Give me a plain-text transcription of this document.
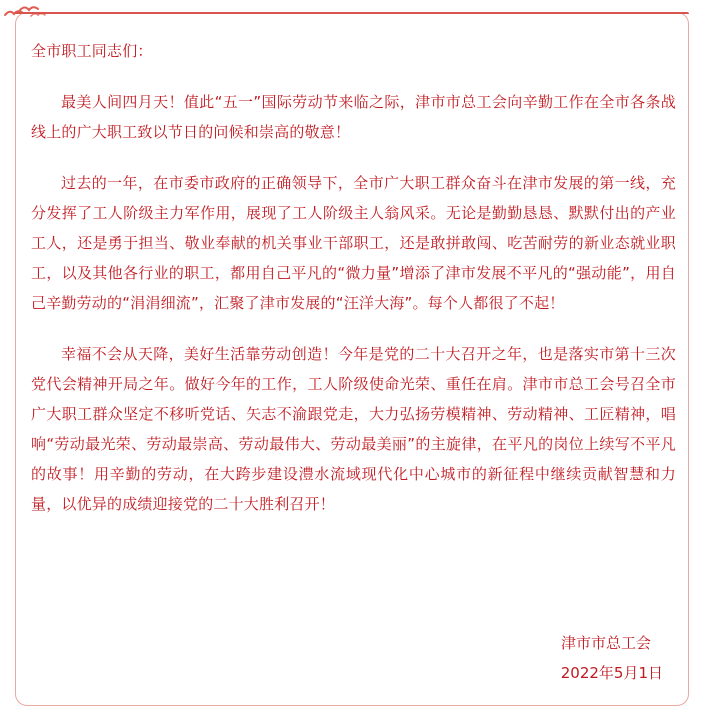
全市职工同志们：

最美人间四月天！值此“五一”国际劳动节来临之际，津市市总工会向辛勤工作在全市各条战线上的广大职工致以节日的问候和崇高的敬意！

过去的一年，在市委市政府的正确领导下，全市广大职工群众奋斗在津市发展的第一线，充分发挥了工人阶级主力军作用，展现了工人阶级主人翁风采。无论是勤勤恳恳、默默付出的产业工人，还是勇于担当、敬业奉献的机关事业干部职工，还是敢拼敢闯、吃苦耐劳的新业态就业职工，以及其他各行业的职工，都用自己平凡的“微力量”增添了津市发展不平凡的“强动能”，用自己辛勤劳动的“涓涓细流”，汇聚了津市发展的“汪洋大海”。每个人都很了不起！

幸福不会从天降，美好生活靠劳动创造！今年是党的二十大召开之年，也是落实市第十三次党代会精神开局之年。做好今年的工作，工人阶级使命光荣、重任在肩。津市市总工会号召全市广大职工群众坚定不移听党话、矢志不渝跟党走，大力弘扬劳模精神、劳动精神、工匠精神，唱响“劳动最光荣、劳动最崇高、劳动最伟大、劳动最美丽”的主旋律，在平凡的岗位上续写不平凡的故事！用辛勤的劳动，在大跨步建设澧水流域现代化中心城市的新征程中继续贡献智慧和力量，以优异的成绩迎接党的二十大胜利召开！

津市市总工会
2022年5月1日
